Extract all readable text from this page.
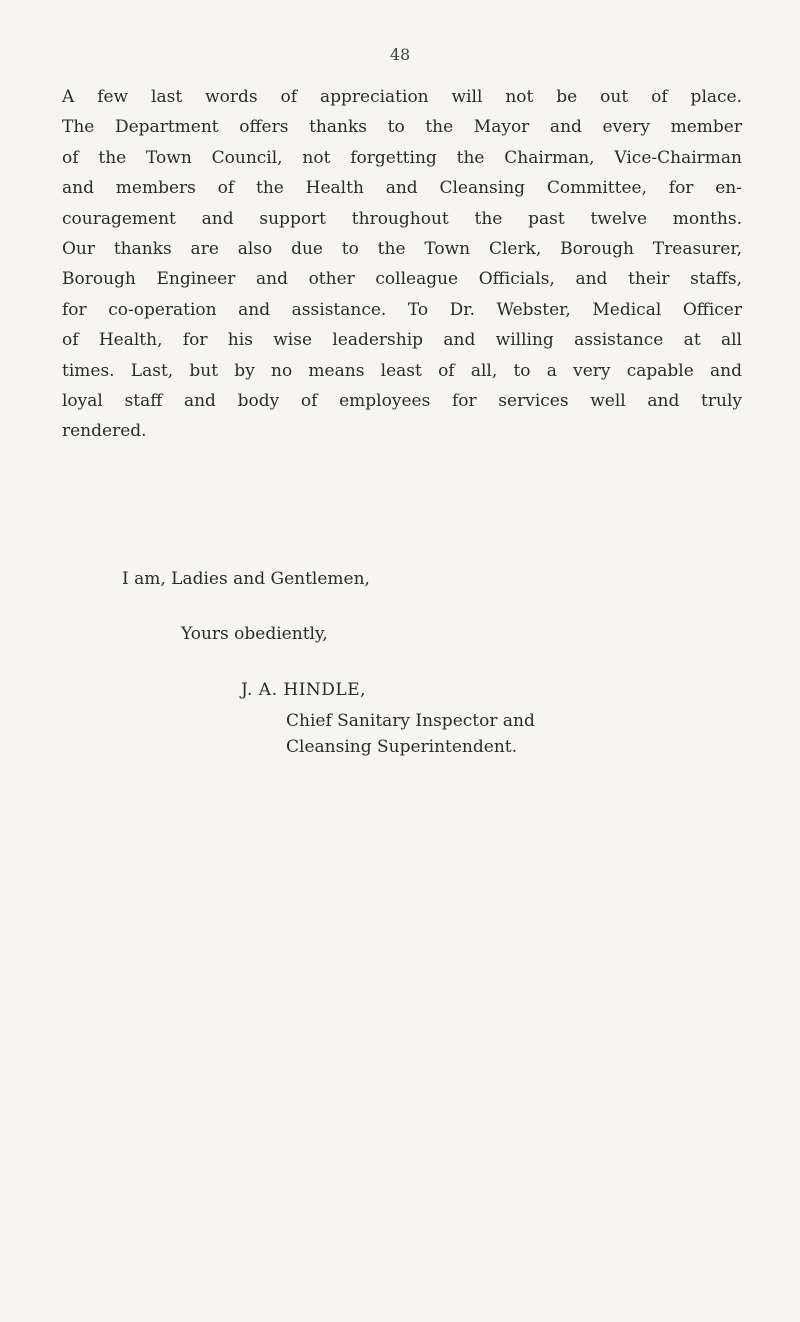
48
A few last words of appreciation will not be out of place.
The Department offers thanks to the Mayor and every member
of the Town Council, not forgetting the Chairman, Vice-Chairman
and members of the Health and Cleansing Committee, for en-
couragement and support throughout the past twelve months.
Our thanks are also due to the Town Clerk, Borough Treasurer,
Borough Engineer and other colleague Officials, and their staffs,
for co-operation and assistance. To Dr. Webster, Medical Officer
of Health, for his wise leadership and willing assistance at all
times. Last, but by no means least of all, to a very capable and
loyal staff and body of employees for services well and truly
rendered.
I am, Ladies and Gentlemen,
Yours obediently,
J. A. HINDLE,
Chief Sanitary Inspector and
Cleansing Superintendent.
